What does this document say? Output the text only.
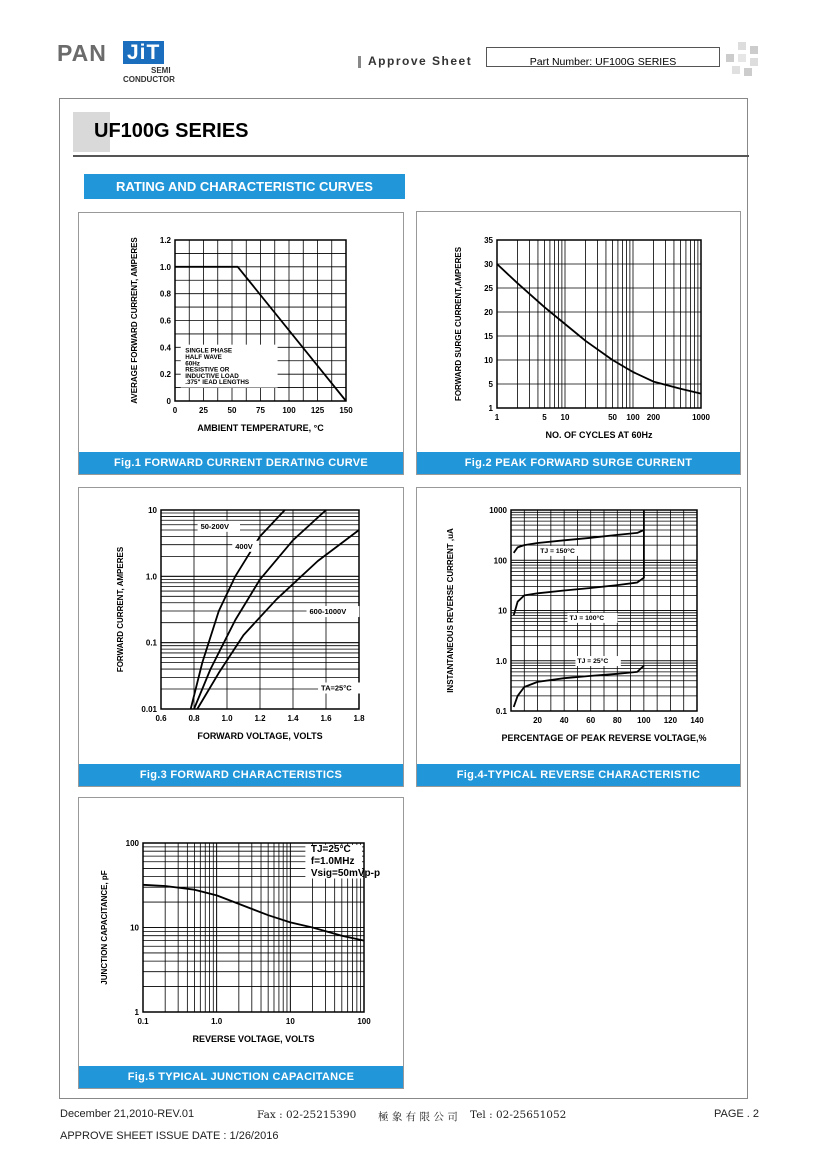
PAN JiT
SEMI
CONDUCTOR
Approve Sheet	Part Number: UF100G SERIES
UF100G SERIES
RATING AND CHARACTERISTIC CURVES
0	25 50 75 100 125 150
0
0.2
0.4
0.6
0.8
1.0
1.2
AMBIENT TEMPERATURE, °C
AVERAGE FORWARD CURRENT, AMPERES	SINGLE PHASE
HALF WAVE
60Hz
RESISTIVE OR
INDUCTIVE LOAD
.375" lEAD LENGTHS
Fig.1 FORWARD CURRENT DERATING CURVE
1	5 10	50 100 200	1000
1
5
10
15
20
25
30
35
NO. OF CYCLES AT 60Hz
FORWARD SURGE CURRENT,AMPERES
Fig.2 PEAK FORWARD SURGE CURRENT
0.6	0.8	1.0	1.2	1.4	1.6	1.8
0.01
0.1
1.0
10
FORWARD VOLTAGE, VOLTS
FORWARD CURRENT, AMPERES
50-200V
400V
600-1000V
TA=25°C
Fig.3 FORWARD CHARACTERISTICS
20 40 60 80 100 120 140
0.1
1.0
10
100
1000
PERCENTAGE OF PEAK REVERSE VOLTAGE,%
INSTANTANEOUS REVERSE CURRENT ,uA	TJ = 150°C
TJ = 100°C
TJ = 25°C
Fig.4-TYPICAL REVERSE CHARACTERISTIC
0.1	1.0	10	100
1
10
100
REVERSE VOLTAGE, VOLTS
JUNCTION CAPACITANCE, pF
TJ=25°C
f=1.0MHz
Vsig=50mVp-p
Fig.5 TYPICAL JUNCTION CAPACITANCE
December 21,2010-REV.01	Fax : 02-25215390 極 象 有 限 公 司 Tel : 02-25651052	PAGE . 2
APPROVE SHEET ISSUE DATE : 1/26/2016
